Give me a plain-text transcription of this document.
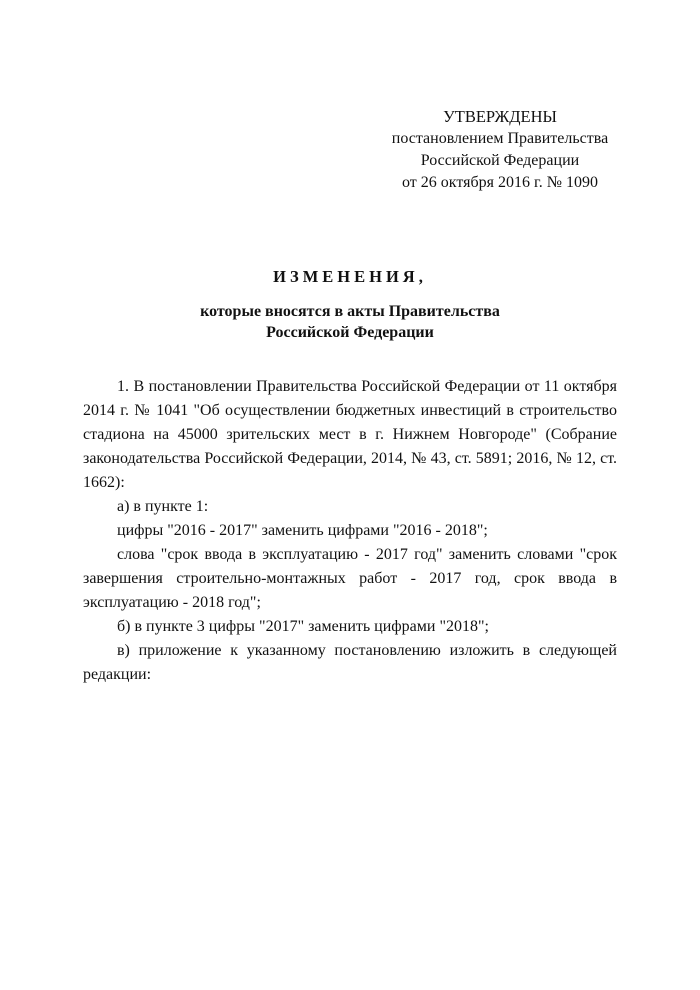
УТВЕРЖДЕНЫ
постановлением Правительства
Российской Федерации
от 26 октября 2016 г. № 1090
ИЗМЕНЕНИЯ,
которые вносятся в акты Правительства
Российской Федерации

1. В постановлении Правительства Российской Федерации от 11 октября 2014 г. № 1041 "Об осуществлении бюджетных инвестиций в строительство стадиона на 45000 зрительских мест в г. Нижнем Новгороде" (Собрание законодательства Российской Федерации, 2014, № 43, ст. 5891; 2016, № 12, ст. 1662):

а) в пункте 1:

цифры "2016 - 2017" заменить цифрами "2016 - 2018";

слова "срок ввода в эксплуатацию - 2017 год" заменить словами "срок завершения строительно-монтажных работ - 2017 год, срок ввода в эксплуатацию - 2018 год";

б) в пункте 3 цифры "2017" заменить цифрами "2018";

в) приложение к указанному постановлению изложить в следующей редакции:
